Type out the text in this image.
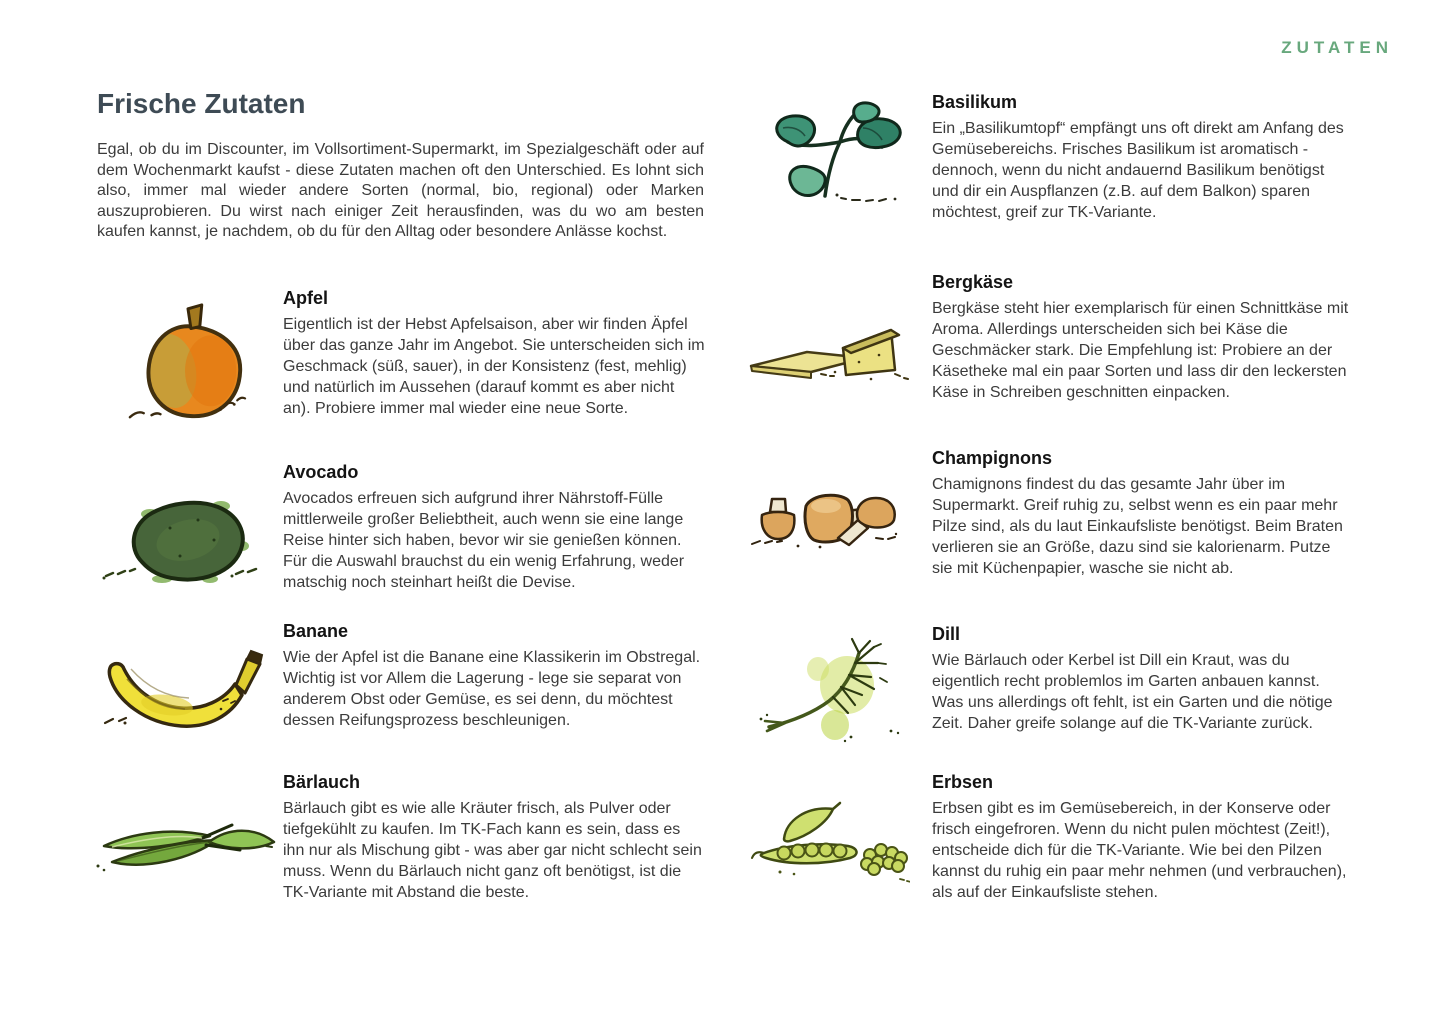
ZUTATEN
Frische Zutaten

Egal, ob du im Discounter, im Vollsortiment-Supermarkt, im Spezialgeschäft oder auf dem Wochenmarkt kaufst - diese Zutaten machen oft den Unterschied. Es lohnt sich also, immer mal wieder andere Sorten (normal, bio, regional) oder Marken auszuprobieren. Du wirst nach einiger Zeit herausfinden, was du wo am besten kaufen kannst, je nachdem, ob du für den Alltag oder besondere Anlässe kochst.

Apfel

Eigentlich ist der Hebst Apfelsaison, aber wir finden Äpfel über das ganze Jahr im Angebot. Sie unterscheiden sich im Geschmack (süß, sauer), in der Konsistenz (fest, mehlig) und natürlich im Aussehen (darauf kommt es aber nicht an). Probiere immer mal wieder eine neue Sorte.

Avocado

Avocados erfreuen sich aufgrund ihrer Nährstoff-Fülle mittlerweile großer Beliebtheit, auch wenn sie eine lange Reise hinter sich haben, bevor wir sie genießen können. Für die Auswahl brauchst du ein wenig Erfahrung, weder matschig noch steinhart heißt die Devise.

Banane

Wie der Apfel ist die Banane eine Klassikerin im Obstregal. Wichtig ist vor Allem die Lagerung - lege sie separat von anderem Obst oder Gemüse, es sei denn, du möchtest dessen Reifungsprozess beschleunigen.

Bärlauch

Bärlauch gibt es wie alle Kräuter frisch, als Pulver oder tiefgekühlt zu kaufen. Im TK-Fach kann es sein, dass es ihn nur als Mischung gibt - was aber gar nicht schlecht sein muss. Wenn du Bärlauch nicht ganz oft benötigst, ist die TK-Variante mit Abstand die beste.

Basilikum

Ein „Basilikumtopf“ empfängt uns oft direkt am Anfang des Gemüsebereichs. Frisches Basilikum ist aromatisch - dennoch, wenn du nicht andauernd Basilikum benötigst und dir ein Auspflanzen (z.B. auf dem Balkon) sparen möchtest, greif zur TK-Variante.

Bergkäse

Bergkäse steht hier exemplarisch für einen Schnittkäse mit Aroma. Allerdings unterscheiden sich bei Käse die Geschmäcker stark. Die Empfehlung ist: Probiere an der Käsetheke mal ein paar Sorten und lass dir den leckersten Käse in Schreiben geschnitten einpacken.

Champignons

Chamignons findest du das gesamte Jahr über im Supermarkt. Greif ruhig zu, selbst wenn es ein paar mehr Pilze sind, als du laut Einkaufsliste benötigst. Beim Braten verlieren sie an Größe, dazu sind sie kalorienarm. Putze sie mit Küchenpapier, wasche sie nicht ab.

Dill

Wie Bärlauch oder Kerbel ist Dill ein Kraut, was du eigentlich recht problemlos im Garten anbauen kannst. Was uns allerdings oft fehlt, ist ein Garten und die nötige Zeit. Daher greife solange auf die TK-Variante zurück.

Erbsen

Erbsen gibt es im Gemüsebereich, in der Konserve oder frisch eingefroren. Wenn du nicht pulen möchtest (Zeit!), entscheide dich für die TK-Variante. Wie bei den Pilzen kannst du ruhig ein paar mehr nehmen (und verbrauchen), als auf der Einkaufsliste stehen.
